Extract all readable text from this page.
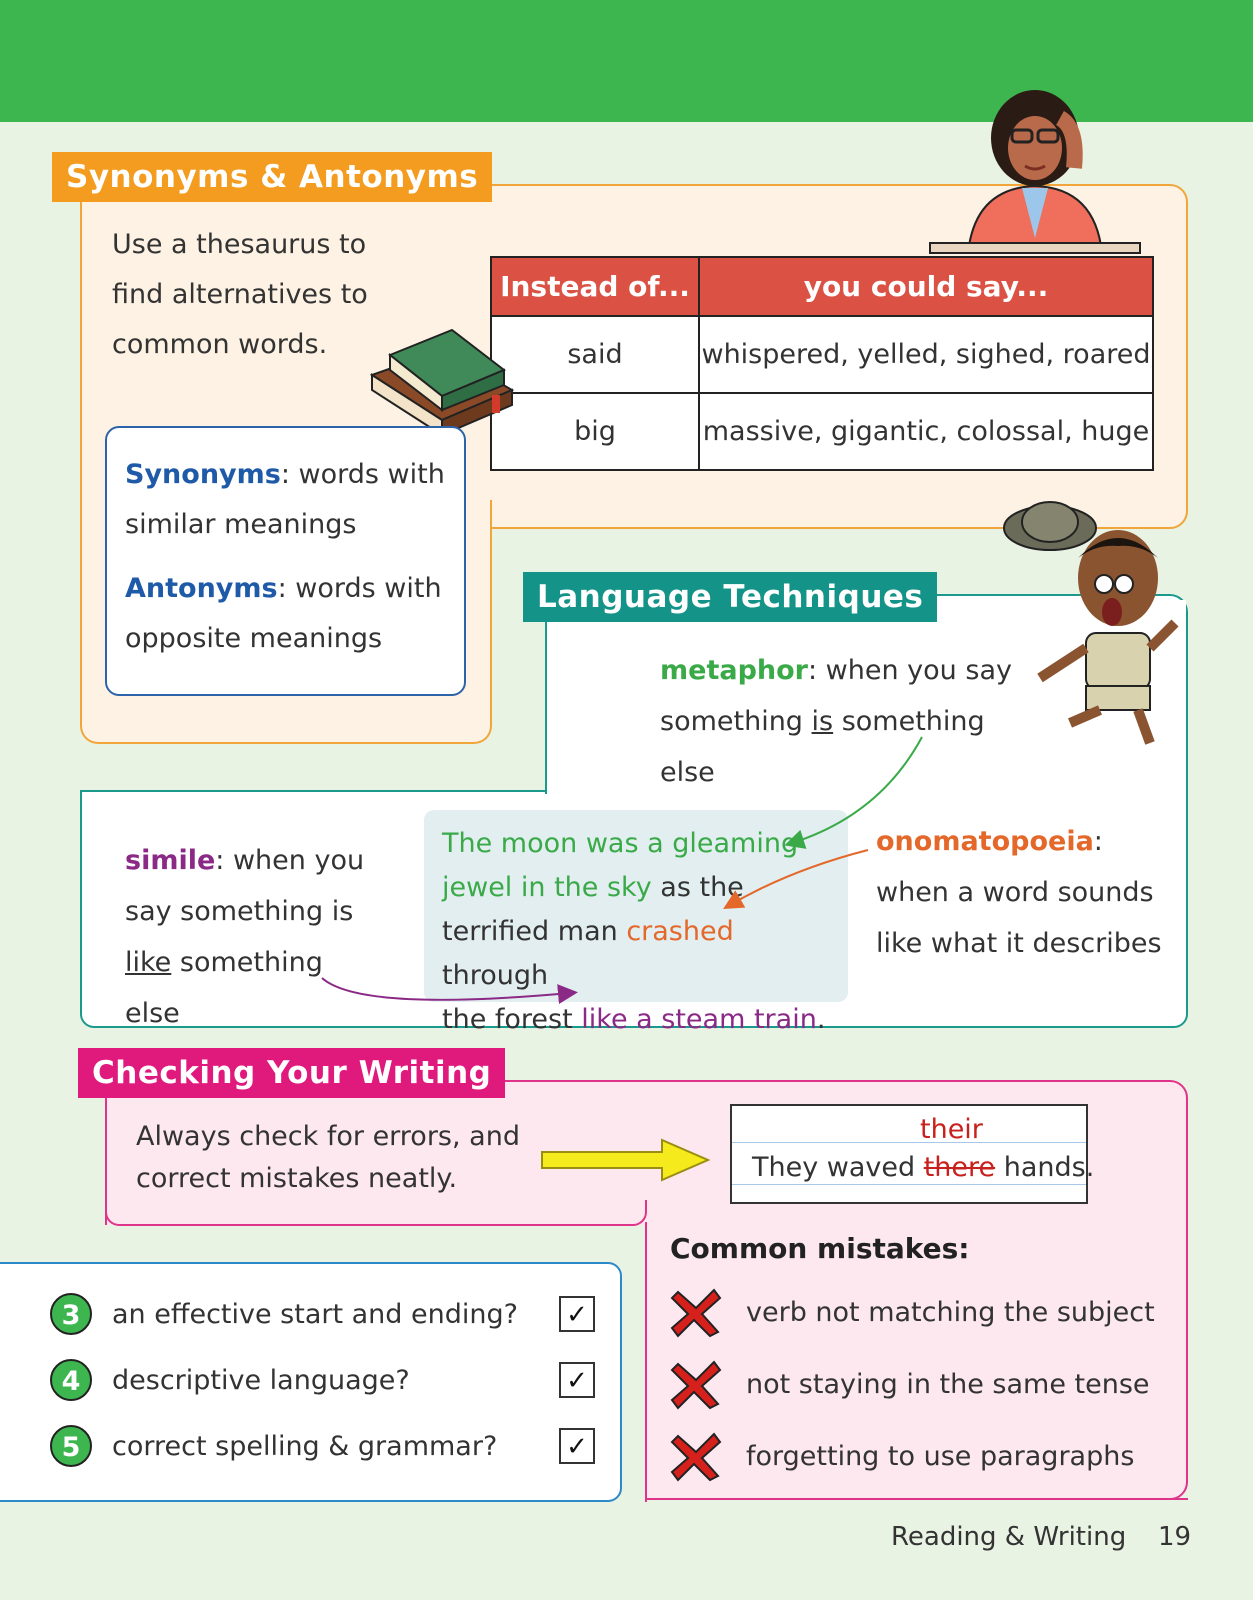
Synonyms & Antonyms
Use a thesaurus to
find alternatives to
common words.
Instead of...	you could say...
said	whispered, yelled, sighed, roared
big	massive, gigantic, colossal, huge
Synonyms: words with
similar meanings
Antonyms: words with
opposite meanings
Language Techniques
metaphor: when you say
something is something else
simile: when you
say something is
like something else
onomatopoeia:
when a word sounds
like what it describes
The moon was a gleaming
jewel in the sky as the
terrified man crashed through
the forest like a steam train.
Checking Your Writing
Always check for errors, and
correct mistakes neatly.
their
They waved there hands.
Common mistakes:
verb not matching the subject
not staying in the same tense
forgetting to use paragraphs
3	an effective start and ending?	✓
4	descriptive language?	✓
5	correct spelling & grammar?	✓
Reading & Writing 19
